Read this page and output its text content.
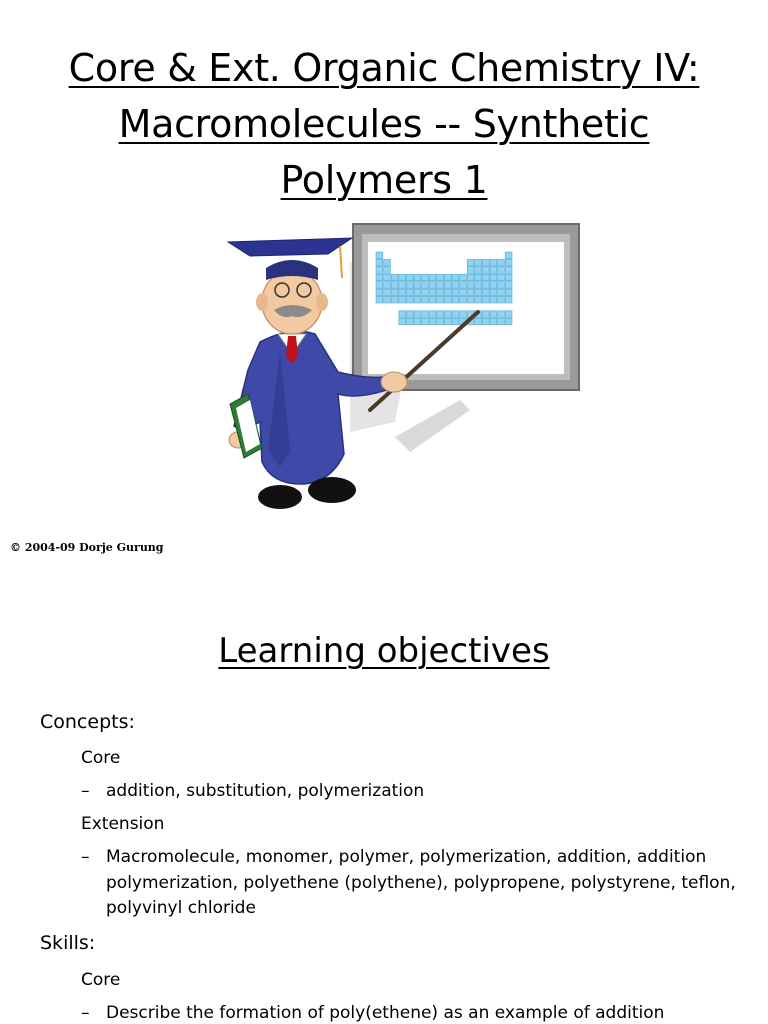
Core & Ext. Organic Chemistry IV:
Macromolecules -- Synthetic
Polymers 1
© 2004-09 Dorje Gurung
Learning objectives
Concepts:
Core
– addition, substitution, polymerization
Extension
– Macromolecule, monomer, polymer, polymerization, addition, addition polymerization, polyethene (polythene), polypropene, polystyrene, teflon, polyvinyl chloride
Skills:
Core
– Describe the formation of poly(ethene) as an example of addition
